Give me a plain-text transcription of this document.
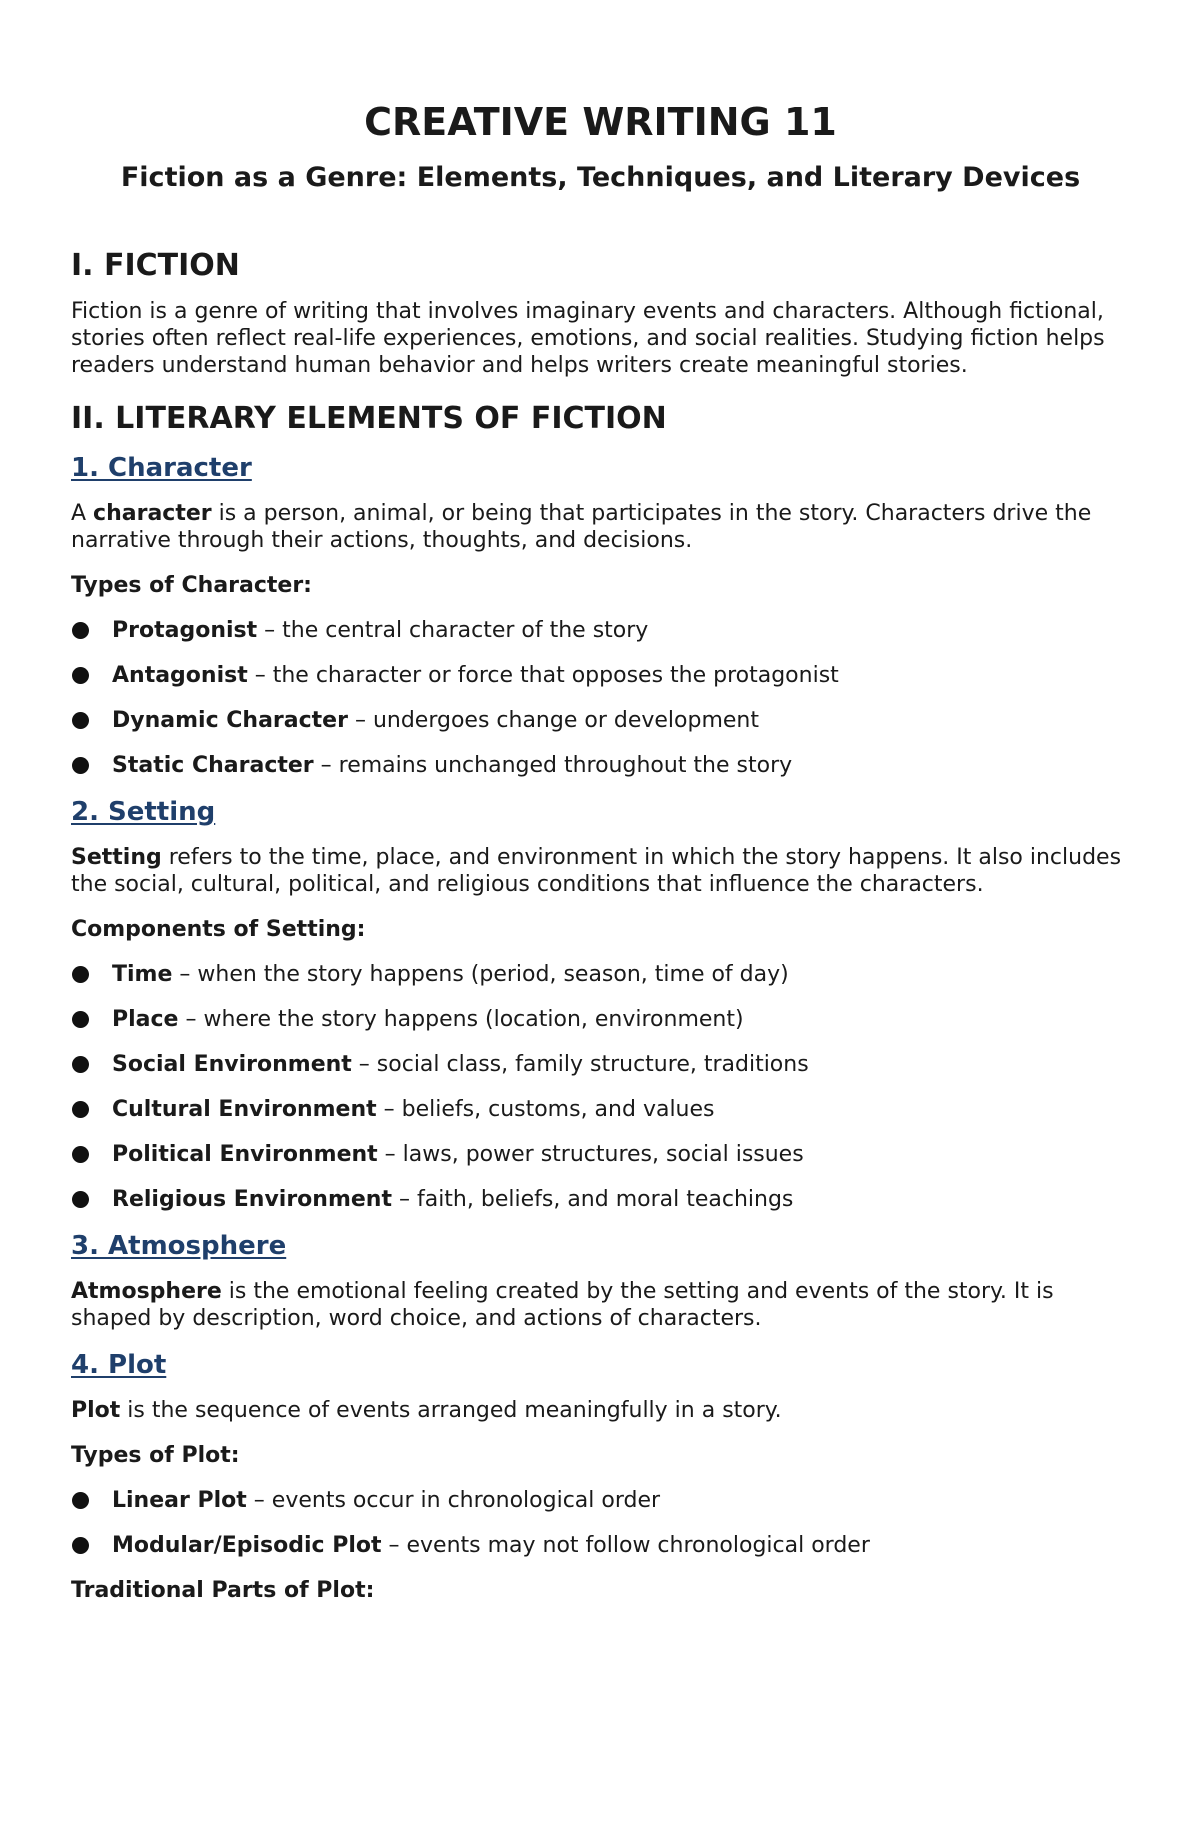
CREATIVE WRITING 11
Fiction as a Genre: Elements, Techniques, and Literary Devices
I. FICTION

Fiction is a genre of writing that involves imaginary events and characters. Although fictional, stories often reflect real-life experiences, emotions, and social realities. Studying fiction helps readers understand human behavior and helps writers create meaningful stories.

II. LITERARY ELEMENTS OF FICTION
1. Character

A character is a person, animal, or being that participates in the story. Characters drive the narrative through their actions, thoughts, and decisions.

Types of Character:
Protagonist – the central character of the story
Antagonist – the character or force that opposes the protagonist
Dynamic Character – undergoes change or development
Static Character – remains unchanged throughout the story
2. Setting

Setting refers to the time, place, and environment in which the story happens. It also includes the social, cultural, political, and religious conditions that influence the characters.

Components of Setting:
Time – when the story happens (period, season, time of day)
Place – where the story happens (location, environment)
Social Environment – social class, family structure, traditions
Cultural Environment – beliefs, customs, and values
Political Environment – laws, power structures, social issues
Religious Environment – faith, beliefs, and moral teachings
3. Atmosphere

Atmosphere is the emotional feeling created by the setting and events of the story. It is shaped by description, word choice, and actions of characters.

4. Plot

Plot is the sequence of events arranged meaningfully in a story.

Types of Plot:
Linear Plot – events occur in chronological order
Modular/Episodic Plot – events may not follow chronological order
Traditional Parts of Plot:
